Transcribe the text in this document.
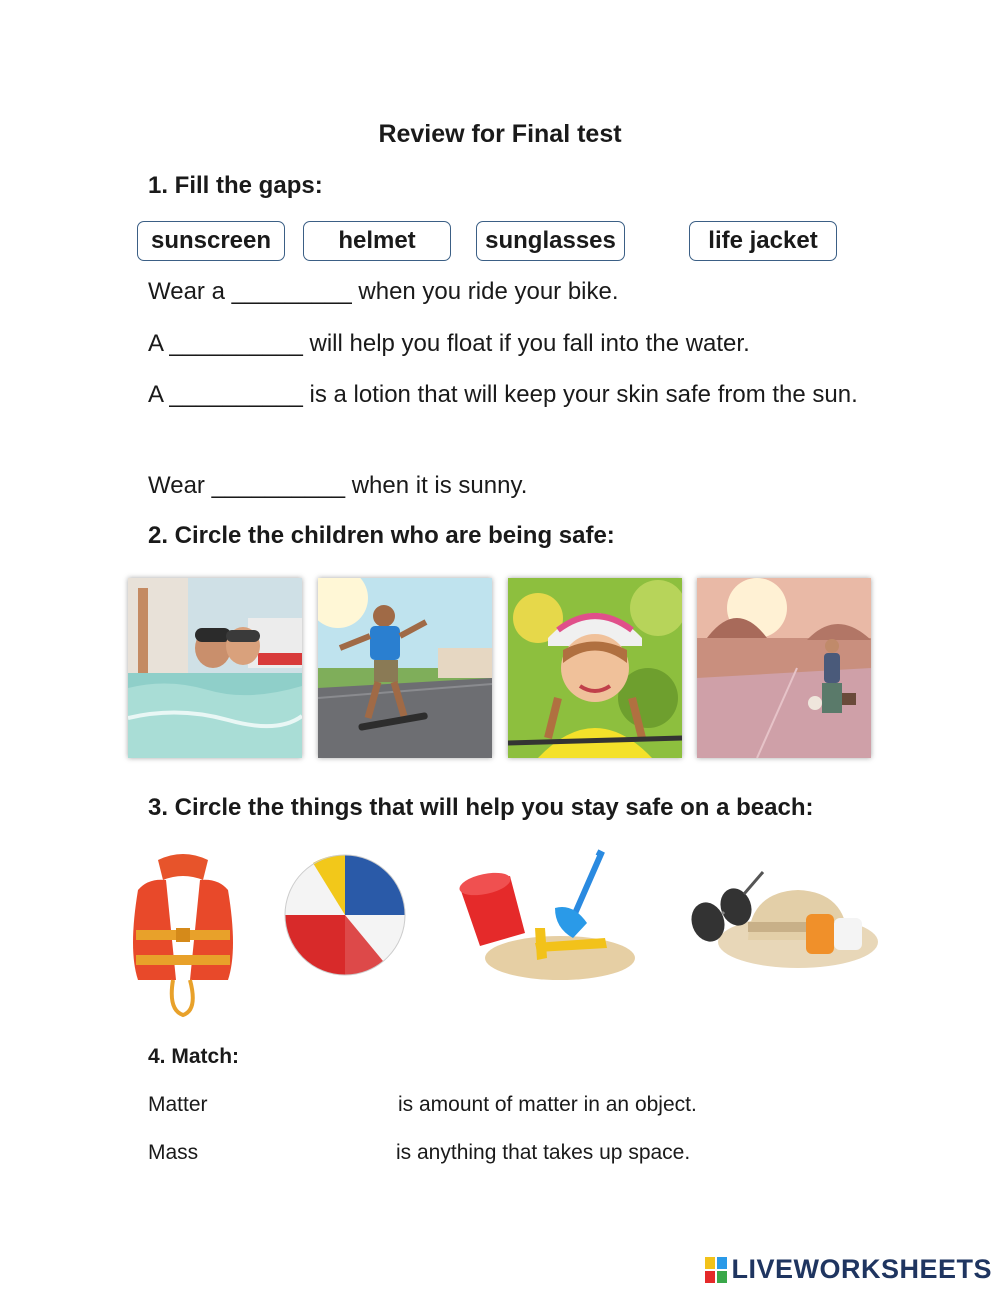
Review for Final test
1. Fill the gaps:
sunscreen	helmet	sunglasses	life jacket
Wear a _________ when you ride your bike.
A __________ will help you float if you fall into the water.
A __________ is a lotion that will keep your skin safe from the sun.
Wear __________ when it is sunny.
2. Circle the children who are being safe:
3. Circle the things that will help you stay safe on a beach:
4. Match:
Matter	is amount of matter in an object.
Mass	is anything that takes up space.
LIVEWORKSHEETS
